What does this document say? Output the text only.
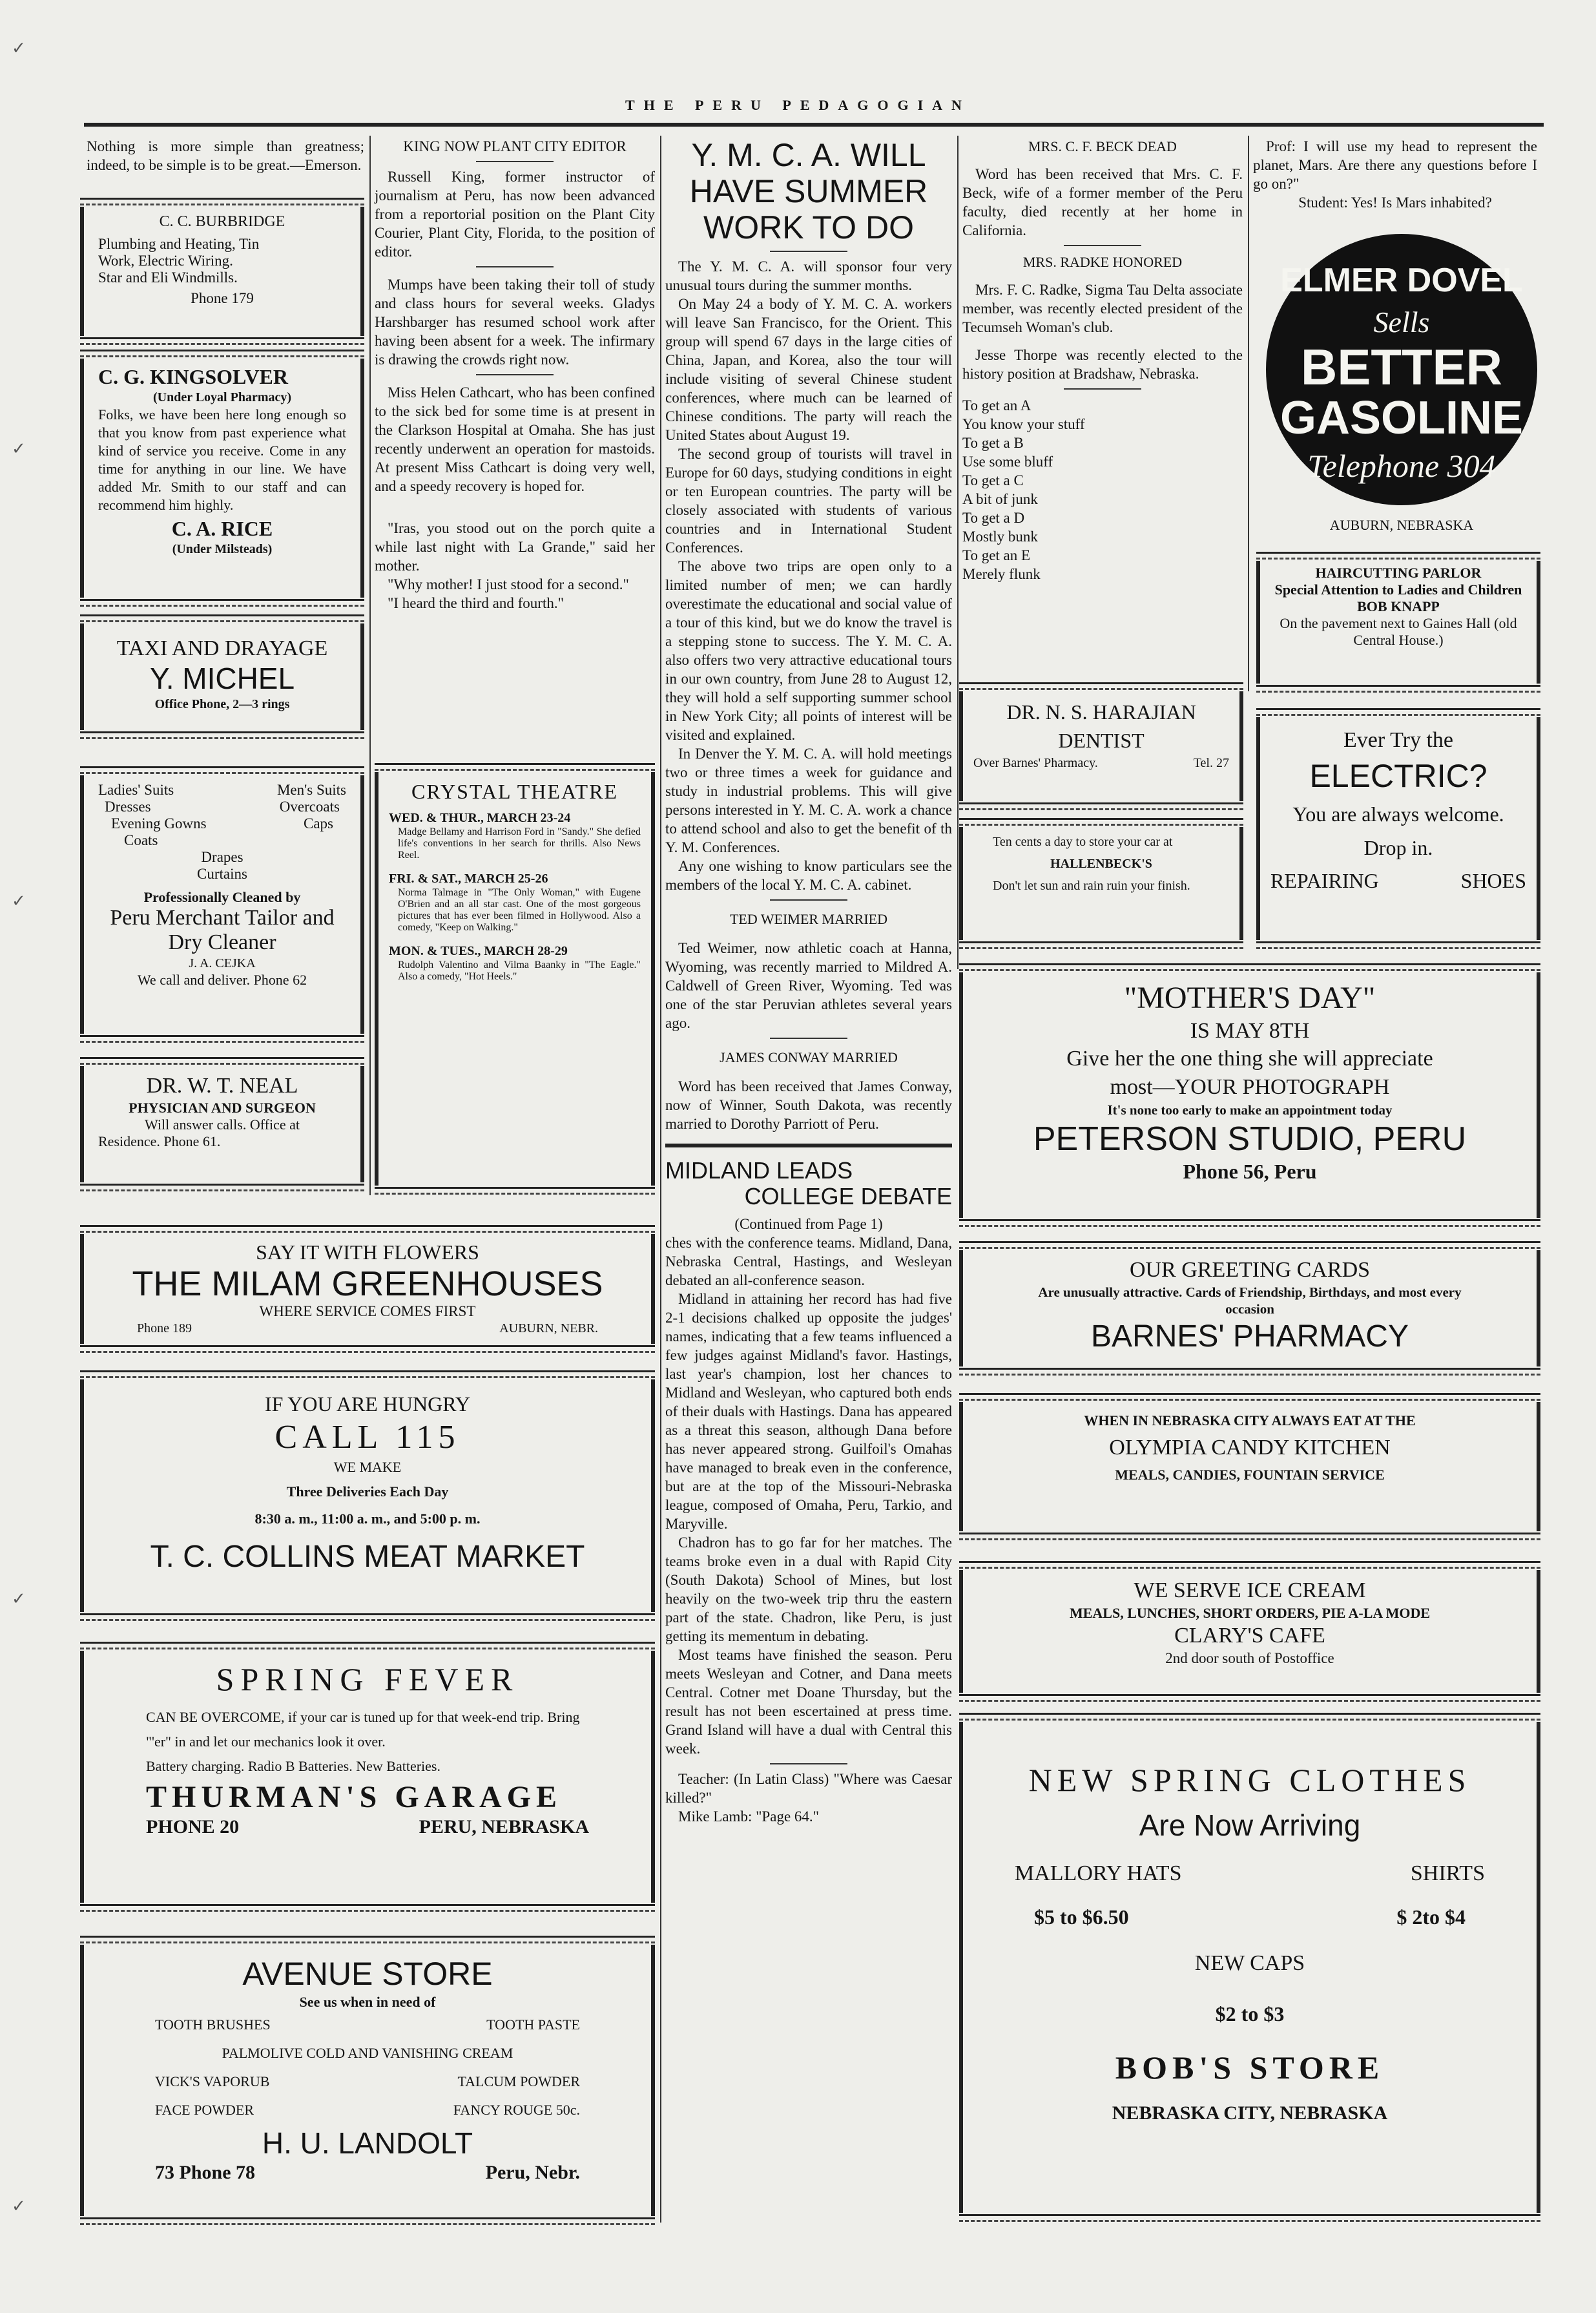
✓
✓
✓
✓
✓
THE PERU PEDAGOGIAN
Nothing is more simple than greatness; indeed, to be simple is to be great.—Emerson.
C. C. BURBRIDGE
Plumbing and Heating, Tin
Work, Electric Wiring.
Star and Eli Windmills.
Phone 179
C. G. KINGSOLVER
(Under Loyal Pharmacy)
Folks, we have been here long enough so that you know from past experience what kind of service you receive. Come in any time for anything in our line. We have added Mr. Smith to our staff and can recommend him highly.
C. A. RICE
(Under Milsteads)
TAXI AND DRAYAGE
Y. MICHEL
Office Phone, 2—3 rings
Ladies' Suits	Men's Suits
Dresses	Overcoats
Evening Gowns	Caps
Coats
Drapes
Curtains
Professionally Cleaned by
Peru Merchant Tailor and Dry Cleaner
J. A. CEJKA
We call and deliver. Phone 62
DR. W. T. NEAL
PHYSICIAN AND SURGEON
Will answer calls. Office at
Residence. Phone 61.
KING NOW PLANT CITY EDITOR
Russell King, former instructor of journalism at Peru, has now been advanced from a reportorial position on the Plant City Courier, Plant City, Florida, to the position of editor.
Mumps have been taking their toll of study and class hours for several weeks. Gladys Harshbarger has resumed school work after having been absent for a week. The infirmary is drawing the crowds right now.
Miss Helen Cathcart, who has been confined to the sick bed for some time is at present in the Clarkson Hospital at Omaha. She has just recently underwent an operation for mastoids. At present Miss Cathcart is doing very well, and a speedy recovery is hoped for.
"Iras, you stood out on the porch quite a while last night with La Grande," said her mother.
"Why mother! I just stood for a second."
"I heard the third and fourth."
CRYSTAL THEATRE
WED. & THUR., MARCH 23-24
Madge Bellamy and Harrison Ford in "Sandy." She defied life's conventions in her search for thrills. Also News Reel.
FRI. & SAT., MARCH 25-26
Norma Talmage in "The Only Woman," with Eugene O'Brien and an all star cast. One of the most gorgeous pictures that has ever been filmed in Hollywood. Also a comedy, "Keep on Walking."
MON. & TUES., MARCH 28-29
Rudolph Valentino and Vilma Baanky in "The Eagle." Also a comedy, "Hot Heels."
SAY IT WITH FLOWERS
THE MILAM GREENHOUSES
WHERE SERVICE COMES FIRST
Phone 189	AUBURN, NEBR.
IF YOU ARE HUNGRY
CALL 115
WE MAKE
Three Deliveries Each Day
8:30 a. m., 11:00 a. m., and 5:00 p. m.
T. C. COLLINS MEAT MARKET
SPRING FEVER
CAN BE OVERCOME, if your car is tuned up for that week-end trip. Bring "'er" in and let our mechanics look it over.
Battery charging. Radio B Batteries. New Batteries.
THURMAN'S GARAGE
PHONE 20	PERU, NEBRASKA
AVENUE STORE
See us when in need of
TOOTH BRUSHES	TOOTH PASTE
PALMOLIVE COLD AND VANISHING CREAM
VICK'S VAPORUB	TALCUM POWDER
FACE POWDER	FANCY ROUGE 50c.
H. U. LANDOLT
73 Phone 78	Peru, Nebr.
Y. M. C. A. WILL HAVE SUMMER WORK TO DO
The Y. M. C. A. will sponsor four very unusual tours during the summer months.
On May 24 a body of Y. M. C. A. workers will leave San Francisco, for the Orient. This group will spend 67 days in the large cities of China, Japan, and Korea, also the tour will include visiting of several Chinese student conferences, where much can be learned of Chinese conditions. The party will reach the United States about August 19.
The second group of tourists will travel in Europe for 60 days, studying conditions in eight or ten European countries. The party will be closely associated with students of various countries and in International Student Conferences.
The above two trips are open only to a limited number of men; we can hardly overestimate the educational and social value of a tour of this kind, but we do know the travel is a stepping stone to success. The Y. M. C. A. also offers two very attractive educational tours in our own country, from June 28 to August 12, they will hold a self supporting summer school in New York City; all points of interest will be visited and explained.
In Denver the Y. M. C. A. will hold meetings two or three times a week for guidance and study in industrial problems. This will give persons interested in Y. M. C. A. work a chance to attend school and also to get the benefit of th Y. M. Conferences.
Any one wishing to know particulars see the members of the local Y. M. C. A. cabinet.
TED WEIMER MARRIED
Ted Weimer, now athletic coach at Hanna, Wyoming, was recently married to Mildred A. Caldwell of Green River, Wyoming. Ted was one of the star Peruvian athletes several years ago.
JAMES CONWAY MARRIED
Word has been received that James Conway, now of Winner, South Dakota, was recently married to Dorothy Parriott of Peru.
MIDLAND LEADS
COLLEGE DEBATE
(Continued from Page 1)
ches with the conference teams. Midland, Dana, Nebraska Central, Hastings, and Wesleyan debated an all-conference season.
Midland in attaining her record has had five 2-1 decisions chalked up opposite the judges' names, indicating that a few teams influenced a few judges against Midland's favor. Hastings, last year's champion, lost her chances to Midland and Wesleyan, who captured both ends of their duals with Hastings. Dana has appeared as a threat this season, although Dana before has never appeared strong. Guilfoil's Omahas have managed to break even in the conference, but are at the top of the Missouri-Nebraska league, composed of Omaha, Peru, Tarkio, and Maryville.
Chadron has to go far for her matches. The teams broke even in a dual with Rapid City (South Dakota) School of Mines, but lost heavily on the two-week trip thru the eastern part of the state. Chadron, like Peru, is just getting its mementum in debating.
Most teams have finished the season. Peru meets Wesleyan and Cotner, and Dana meets Central. Cotner met Doane Thursday, but the result has not been escertained at press time. Grand Island will have a dual with Central this week.
Teacher: (In Latin Class) "Where was Caesar killed?"
Mike Lamb: "Page 64."
MRS. C. F. BECK DEAD
Word has been received that Mrs. C. F. Beck, wife of a former member of the Peru faculty, died recently at her home in California.
MRS. RADKE HONORED
Mrs. F. C. Radke, Sigma Tau Delta associate member, was recently elected president of the Tecumseh Woman's club.
Jesse Thorpe was recently elected to the history position at Bradshaw, Nebraska.
To get an A
You know your stuff
To get a B
Use some bluff
To get a C
A bit of junk
To get a D
Mostly bunk
To get an E
Merely flunk
DR. N. S. HARAJIAN
DENTIST
Over Barnes' Pharmacy.	Tel. 27
Ten cents a day to store your car at
HALLENBECK'S
Don't let sun and rain ruin your finish.
Prof: I will use my head to represent the planet, Mars. Are there any questions before I go on?"
Student: Yes! Is Mars inhabited?
ELMER DOVEL
Sells
BETTER
GASOLINE
Telephone 304
AUBURN, NEBRASKA
HAIRCUTTING PARLOR
Special Attention to Ladies and Children
BOB KNAPP
On the pavement next to Gaines Hall (old Central House.)
Ever Try the
ELECTRIC?
You are always welcome. Drop in.
REPAIRING	SHOES
"MOTHER'S DAY"
IS MAY 8TH
Give her the one thing she will appreciate
most—YOUR PHOTOGRAPH
It's none too early to make an appointment today
PETERSON STUDIO, PERU
Phone 56, Peru
OUR GREETING CARDS
Are unusually attractive. Cards of Friendship, Birthdays, and most every occasion
BARNES' PHARMACY
WHEN IN NEBRASKA CITY ALWAYS EAT AT THE
OLYMPIA CANDY KITCHEN
MEALS, CANDIES, FOUNTAIN SERVICE
WE SERVE ICE CREAM
MEALS, LUNCHES, SHORT ORDERS, PIE A-LA MODE
CLARY'S CAFE
2nd door south of Postoffice
NEW SPRING CLOTHES
Are Now Arriving
MALLORY HATS	SHIRTS
$5 to $6.50	$ 2to $4
NEW CAPS
$2 to $3
BOB'S STORE
NEBRASKA CITY, NEBRASKA
